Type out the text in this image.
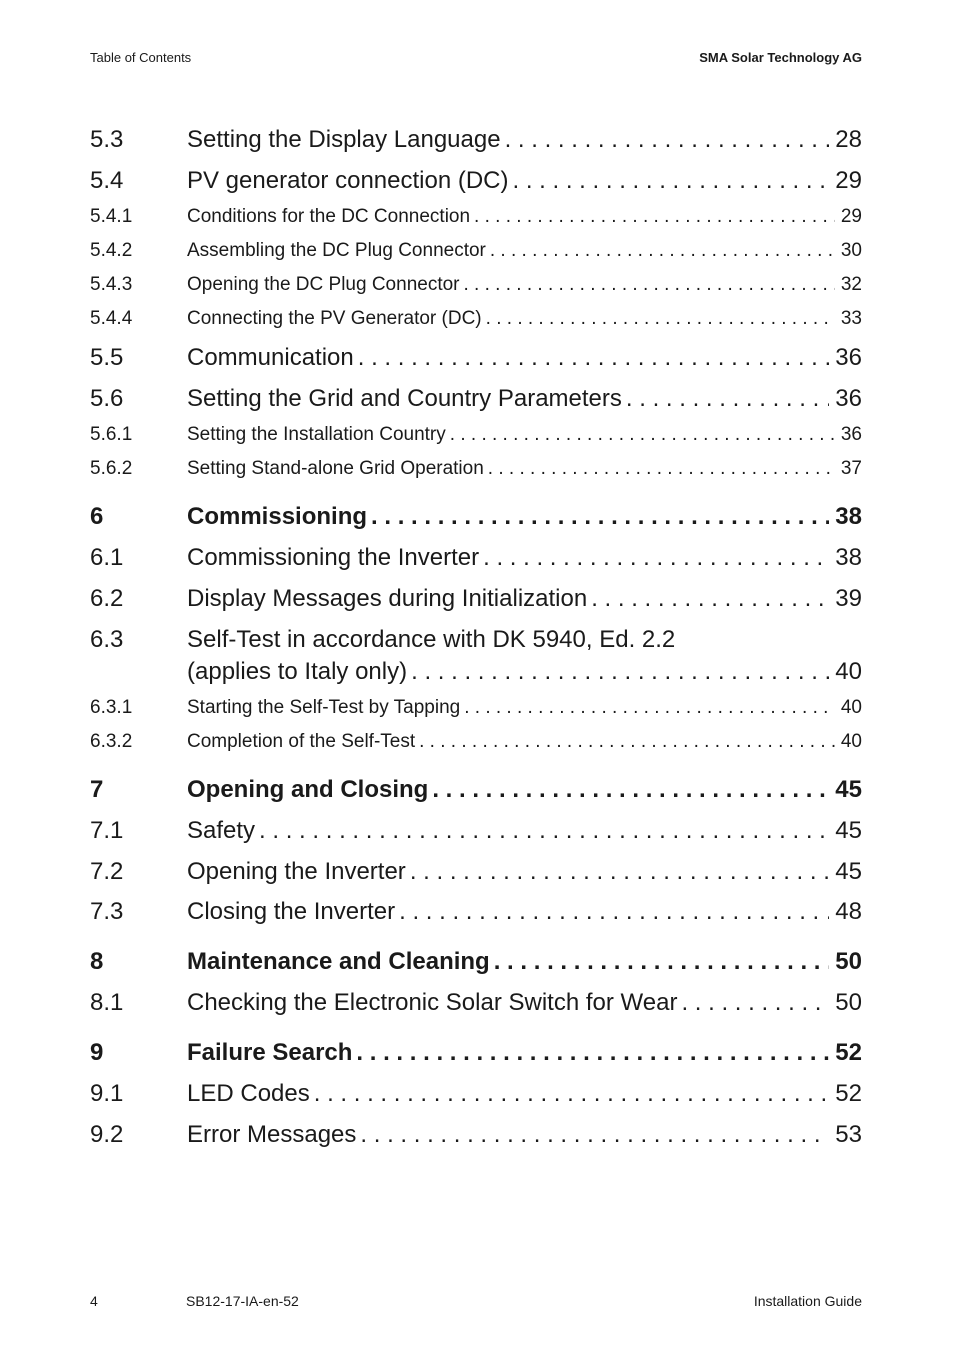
Table of Contents	SMA Solar Technology AG
5.3	Setting the Display Language . . .	28
5.4	PV generator connection (DC) . . .	29
5.4.1	Conditions for the DC Connection . . .	29
5.4.2	Assembling the DC Plug Connector . . .	30
5.4.3	Opening the DC Plug Connector . . .	32
5.4.4	Connecting the PV Generator (DC) . . .	33
5.5	Communication . . .	36
5.6	Setting the Grid and Country Parameters . . .	36
5.6.1	Setting the Installation Country . . .	36
5.6.2	Setting Stand-alone Grid Operation . . .	37
6	Commissioning . . .	38
6.1	Commissioning the Inverter . . .	38
6.2	Display Messages during Initialization . . .	39
6.3	Self-Test in accordance with DK 5940, Ed. 2.2
(applies to Italy only) . . .	40
6.3.1	Starting the Self-Test by Tapping . . .	40
6.3.2	Completion of the Self-Test . . .	40
7	Opening and Closing . . .	45
7.1	Safety . . .	45
7.2	Opening the Inverter . . .	45
7.3	Closing the Inverter . . .	48
8	Maintenance and Cleaning . . .	50
8.1	Checking the Electronic Solar Switch for Wear . . .	50
9	Failure Search . . .	52
9.1	LED Codes . . .	52
9.2	Error Messages . . .	53
4	SB12-17-IA-en-52	Installation Guide
